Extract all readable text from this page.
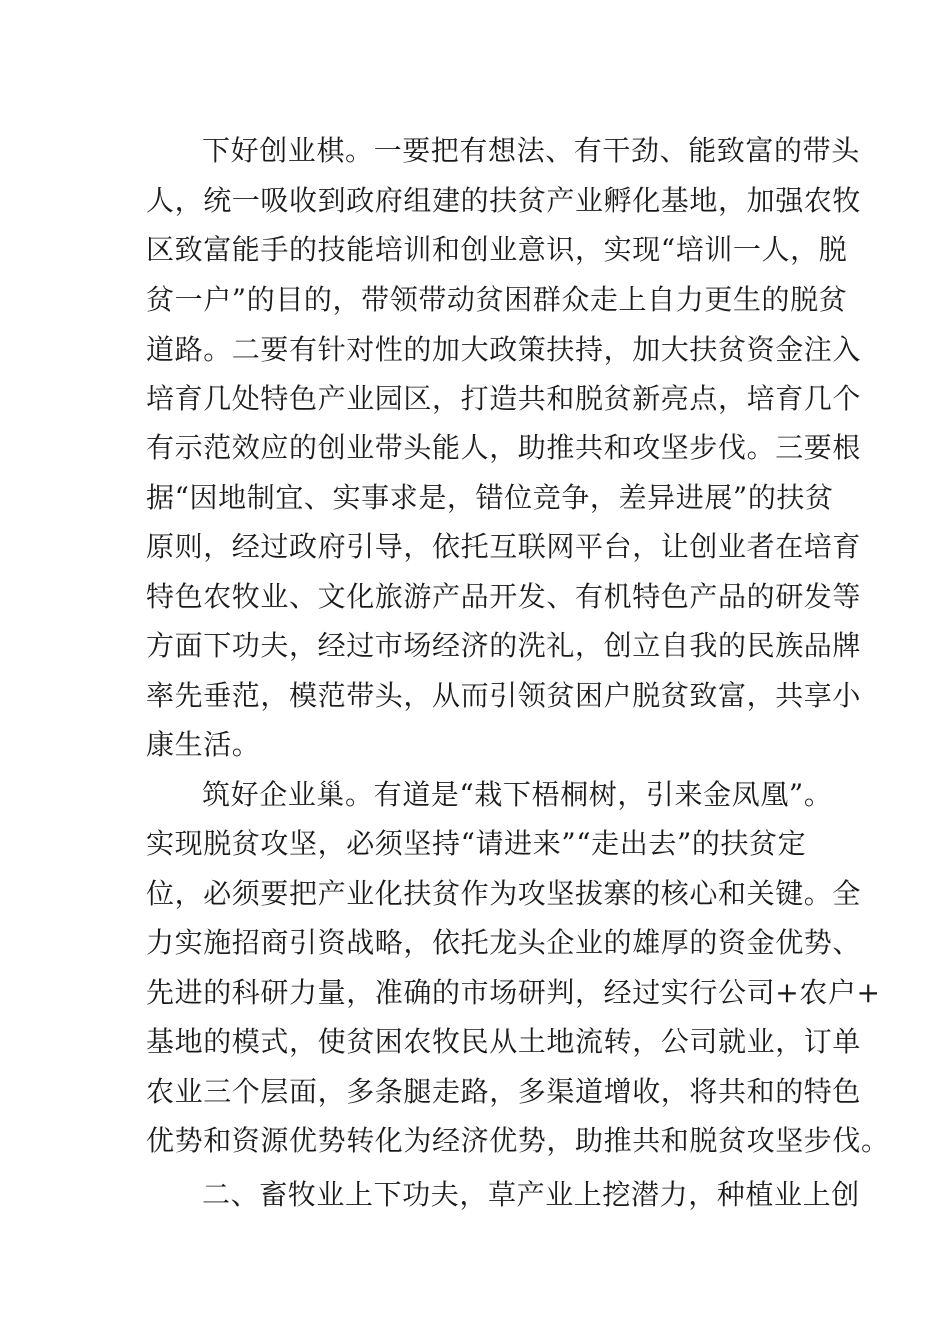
下好创业棋。一要把有想法、有干劲、能致富的带头
人，统一吸收到政府组建的扶贫产业孵化基地，加强农牧
区致富能手的技能培训和创业意识，实现“培训一人，脱
贫一户”的目的，带领带动贫困群众走上自力更生的脱贫
道路。二要有针对性的加大政策扶持，加大扶贫资金注入
培育几处特色产业园区，打造共和脱贫新亮点，培育几个
有示范效应的创业带头能人，助推共和攻坚步伐。三要根
据“因地制宜、实事求是，错位竞争，差异进展”的扶贫
原则，经过政府引导，依托互联网平台，让创业者在培育
特色农牧业、文化旅游产品开发、有机特色产品的研发等
方面下功夫，经过市场经济的洗礼，创立自我的民族品牌
率先垂范，模范带头，从而引领贫困户脱贫致富，共享小
康生活。
筑好企业巢。有道是“栽下梧桐树，引来金凤凰”。
实现脱贫攻坚，必须坚持“请进来”“走出去”的扶贫定
位，必须要把产业化扶贫作为攻坚拔寨的核心和关键。全
力实施招商引资战略，依托龙头企业的雄厚的资金优势、
先进的科研力量，准确的市场研判，经过实行公司+农户+
基地的模式，使贫困农牧民从土地流转，公司就业，订单
农业三个层面，多条腿走路，多渠道增收，将共和的特色
优势和资源优势转化为经济优势，助推共和脱贫攻坚步伐。
二、畜牧业上下功夫，草产业上挖潜力，种植业上创
